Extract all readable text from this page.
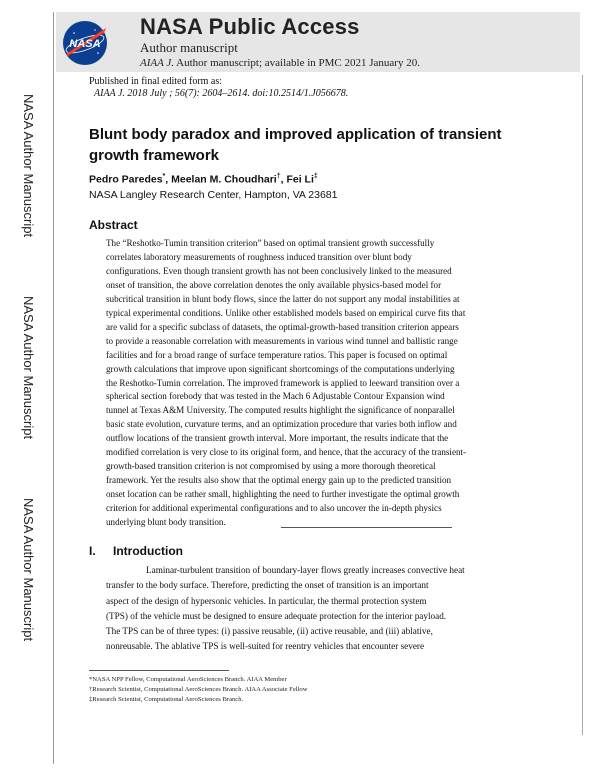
NASA
NASA Public Access
Author manuscript
AIAA J. Author manuscript; available in PMC 2021 January 20.
NASA Author Manuscript
NASA Author Manuscript
NASA Author Manuscript
Published in final edited form as:
AIAA J. 2018 July ; 56(7): 2604–2614. doi:10.2514/1.J056678.
Blunt body paradox and improved application of transient growth framework
Pedro Paredes*, Meelan M. Choudhari†, Fei Li‡
NASA Langley Research Center, Hampton, VA 23681
Abstract
The “Reshotko-Tumin transition criterion” based on optimal transient growth successfully
correlates laboratory measurements of roughness induced transition over blunt body
configurations. Even though transient growth has not been conclusively linked to the measured
onset of transition, the above correlation denotes the only available physics-based model for
subcritical transition in blunt body flows, since the latter do not support any modal instabilities at
typical experimental conditions. Unlike other established models based on empirical curve fits that
are valid for a specific subclass of datasets, the optimal-growth-based transition criterion appears
to provide a reasonable correlation with measurements in various wind tunnel and ballistic range
facilities and for a broad range of surface temperature ratios. This paper is focused on optimal
growth calculations that improve upon significant shortcomings of the computations underlying
the Reshotko-Tumin correlation. The improved framework is applied to leeward transition over a
spherical section forebody that was tested in the Mach 6 Adjustable Contour Expansion wind
tunnel at Texas A&M University. The computed results highlight the significance of nonparallel
basic state evolution, curvature terms, and an optimization procedure that varies both inflow and
outflow locations of the transient growth interval. More important, the results indicate that the
modified correlation is very close to its original form, and hence, that the accuracy of the transient-
growth-based transition criterion is not compromised by using a more thorough theoretical
framework. Yet the results also show that the optimal energy gain up to the predicted transition
onset location can be rather small, highlighting the need to further investigate the optimal growth
criterion for additional experimental configurations and to also uncover the in-depth physics
underlying blunt body transition.
I. Introduction
Laminar-turbulent transition of boundary-layer flows greatly increases convective heat
transfer to the body surface. Therefore, predicting the onset of transition is an important
aspect of the design of hypersonic vehicles. In particular, the thermal protection system
(TPS) of the vehicle must be designed to ensure adequate protection for the interior payload.
The TPS can be of three types: (i) passive reusable, (ii) active reusable, and (iii) ablative,
nonreusable. The ablative TPS is well-suited for reentry vehicles that encounter severe
*NASA NPP Fellow, Computational AeroSciences Branch. AIAA Member
†Research Scientist, Computational AeroSciences Branch. AIAA Associate Fellow
‡Research Scientist, Computational AeroSciences Branch.
